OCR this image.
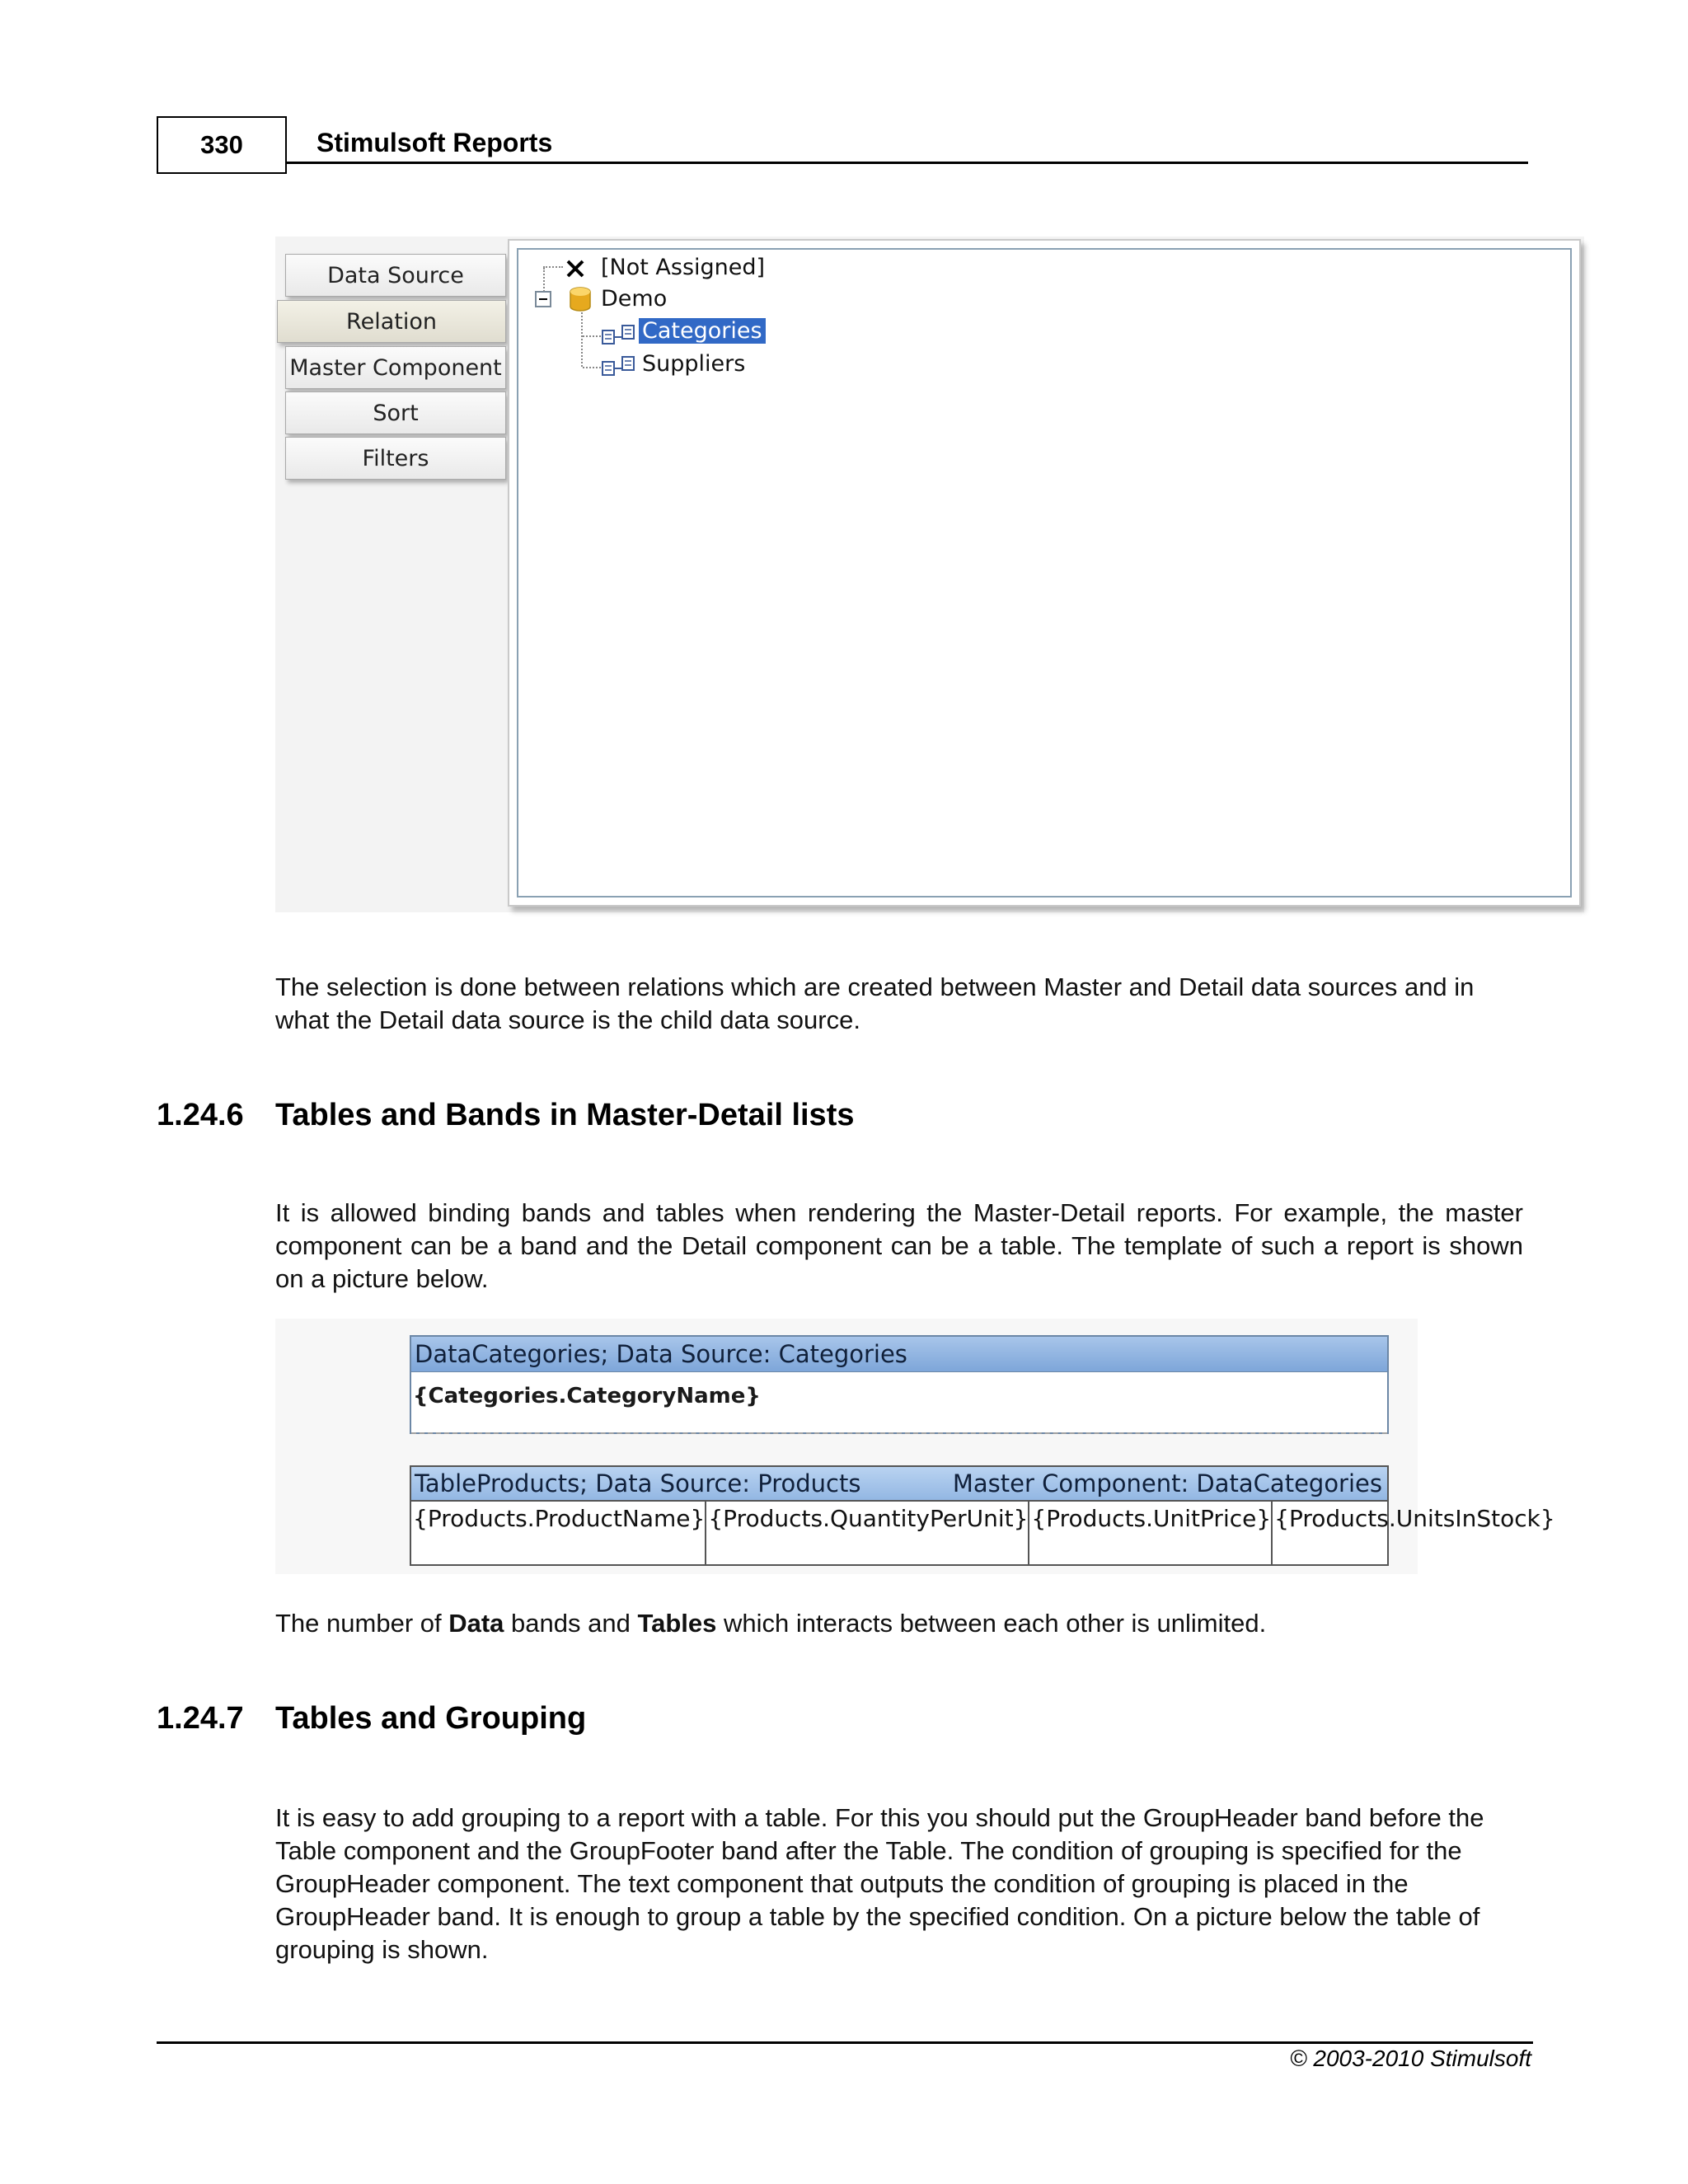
330	Stimulsoft Reports
Data Source
Relation
Master Component
Sort
Filters
[Not Assigned]
Demo
Categories
Suppliers
The selection is done between relations which are created between Master and Detail data sources and in what the Detail data source is the child data source.
1.24.6 Tables and Bands in Master-Detail lists
It is allowed binding bands and tables when rendering the Master-Detail reports. For example, the master component can be a band and the Detail component can be a table. The template of such a report is shown on a picture below.
DataCategories; Data Source: Categories
{Categories.CategoryName}
TableProducts; Data Source: Products	Master Component: DataCategories
{Products.ProductName} {Products.QuantityPerUnit} {Products.UnitPrice} {Products.UnitsInStock}
The number of Data bands and Tables which interacts between each other is unlimited.
1.24.7 Tables and Grouping
It is easy to add grouping to a report with a table. For this you should put the GroupHeader band before the Table component and the GroupFooter band after the Table. The condition of grouping is specified for the GroupHeader component. The text component that outputs the condition of grouping is placed in the GroupHeader band. It is enough to group a table by the specified condition. On a picture below the table of grouping is shown.
© 2003-2010 Stimulsoft
